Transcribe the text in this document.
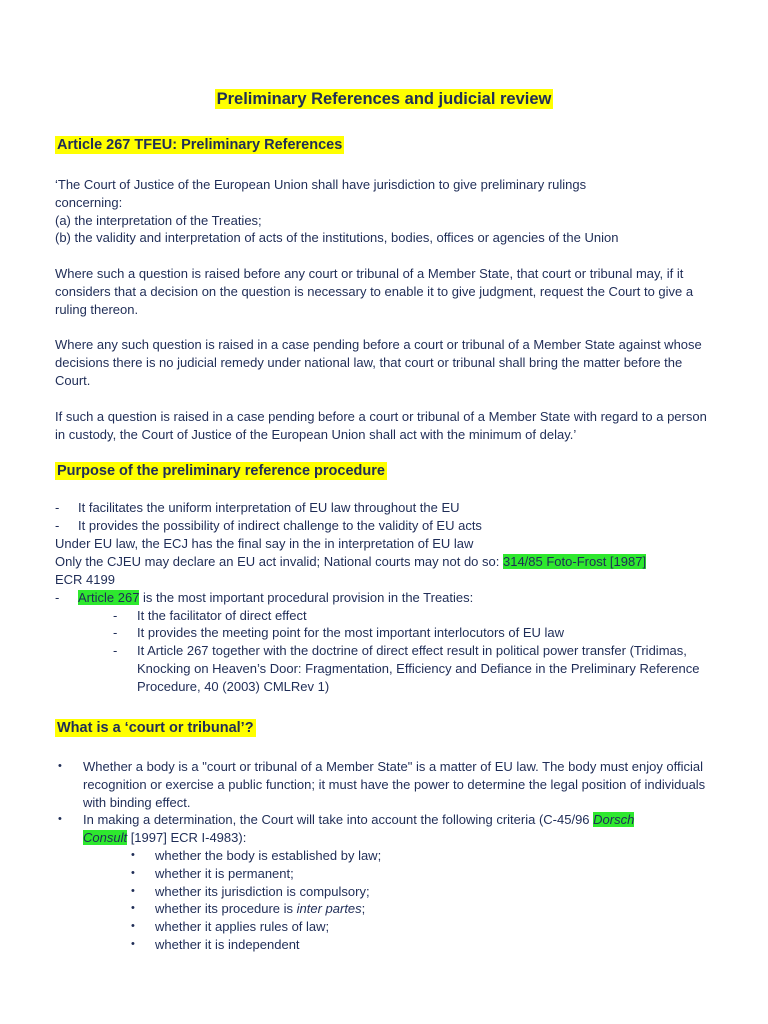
Preliminary References and judicial review
Article 267 TFEU: Preliminary References
‘The Court of Justice of the European Union shall have jurisdiction to give preliminary rulings
concerning:
(a) the interpretation of the Treaties;
(b) the validity and interpretation of acts of the institutions, bodies, offices or agencies of the Union

Where such a question is raised before any court or tribunal of a Member State, that court or tribunal may, if it considers that a decision on the question is necessary to enable it to give judgment, request the Court to give a ruling thereon.

Where any such question is raised in a case pending before a court or tribunal of a Member State against whose decisions there is no judicial remedy under national law, that court or tribunal shall bring the matter before the Court.

If such a question is raised in a case pending before a court or tribunal of a Member State with regard to a person in custody, the Court of Justice of the European Union shall act with the minimum of delay.’

Purpose of the preliminary reference procedure
- It facilitates the uniform interpretation of EU law throughout the EU
- It provides the possibility of indirect challenge to the validity of EU acts
Under EU law, the ECJ has the final say in the in interpretation of EU law
Only the CJEU may declare an EU act invalid; National courts may not do so: 314/85 Foto-Frost [1987]
ECR 4199
- Article 267 is the most important procedural provision in the Treaties:
- It the facilitator of direct effect
- It provides the meeting point for the most important interlocutors of EU law
- It Article 267 together with the doctrine of direct effect result in political power transfer (Tridimas, Knocking on Heaven’s Door: Fragmentation, Efficiency and Defiance in the Preliminary Reference Procedure, 40 (2003) CMLRev 1)
What is a ‘court or tribunal’?
• Whether a body is a "court or tribunal of a Member State" is a matter of EU law. The body must enjoy official recognition or exercise a public function; it must have the power to determine the legal position of individuals with binding effect.
• In making a determination, the Court will take into account the following criteria (C-45/96 Dorsch
Consult [1997] ECR I-4983):
• whether the body is established by law;
• whether it is permanent;
• whether its jurisdiction is compulsory;
• whether its procedure is inter partes;
• whether it applies rules of law;
• whether it is independent
